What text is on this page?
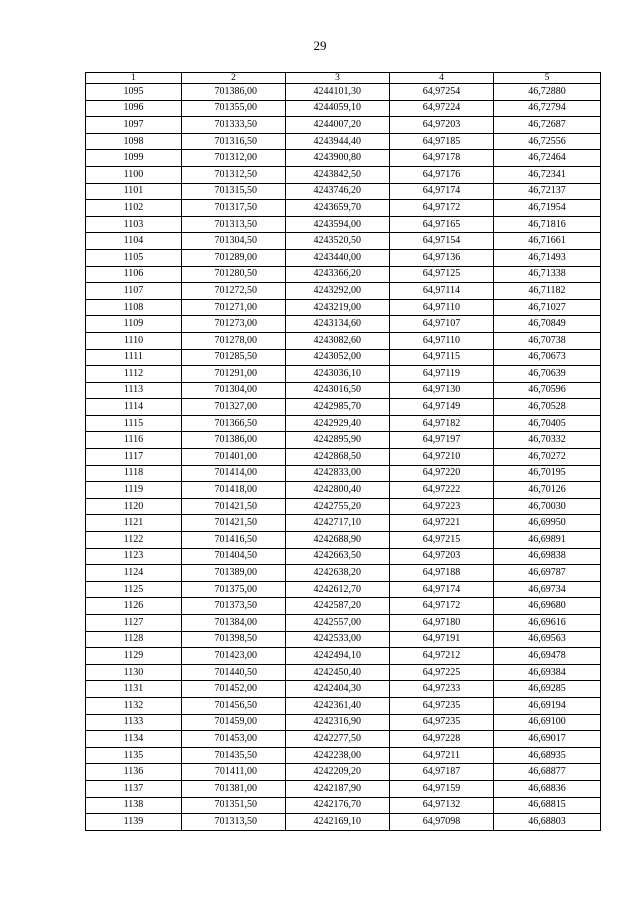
29
1	2	3	4	5
1095	701386,00	4244101,30	64,97254	46,72880
1096	701355,00	4244059,10	64,97224	46,72794
1097	701333,50	4244007,20	64,97203	46,72687
1098	701316,50	4243944,40	64,97185	46,72556
1099	701312,00	4243900,80	64,97178	46,72464
1100	701312,50	4243842,50	64,97176	46,72341
1101	701315,50	4243746,20	64,97174	46,72137
1102	701317,50	4243659,70	64,97172	46,71954
1103	701313,50	4243594,00	64,97165	46,71816
1104	701304,50	4243520,50	64,97154	46,71661
1105	701289,00	4243440,00	64,97136	46,71493
1106	701280,50	4243366,20	64,97125	46,71338
1107	701272,50	4243292,00	64,97114	46,71182
1108	701271,00	4243219,00	64,97110	46,71027
1109	701273,00	4243134,60	64,97107	46,70849
1110	701278,00	4243082,60	64,97110	46,70738
1111	701285,50	4243052,00	64,97115	46,70673
1112	701291,00	4243036,10	64,97119	46,70639
1113	701304,00	4243016,50	64,97130	46,70596
1114	701327,00	4242985,70	64,97149	46,70528
1115	701366,50	4242929,40	64,97182	46,70405
1116	701386,00	4242895,90	64,97197	46,70332
1117	701401,00	4242868,50	64,97210	46,70272
1118	701414,00	4242833,00	64,97220	46,70195
1119	701418,00	4242800,40	64,97222	46,70126
1120	701421,50	4242755,20	64,97223	46,70030
1121	701421,50	4242717,10	64,97221	46,69950
1122	701416,50	4242688,90	64,97215	46,69891
1123	701404,50	4242663,50	64,97203	46,69838
1124	701389,00	4242638,20	64,97188	46,69787
1125	701375,00	4242612,70	64,97174	46,69734
1126	701373,50	4242587,20	64,97172	46,69680
1127	701384,00	4242557,00	64,97180	46,69616
1128	701398,50	4242533,00	64,97191	46,69563
1129	701423,00	4242494,10	64,97212	46,69478
1130	701440,50	4242450,40	64,97225	46,69384
1131	701452,00	4242404,30	64,97233	46,69285
1132	701456,50	4242361,40	64,97235	46,69194
1133	701459,00	4242316,90	64,97235	46,69100
1134	701453,00	4242277,50	64,97228	46,69017
1135	701435,50	4242238,00	64,97211	46,68935
1136	701411,00	4242209,20	64,97187	46,68877
1137	701381,00	4242187,90	64,97159	46,68836
1138	701351,50	4242176,70	64,97132	46,68815
1139	701313,50	4242169,10	64,97098	46,68803
